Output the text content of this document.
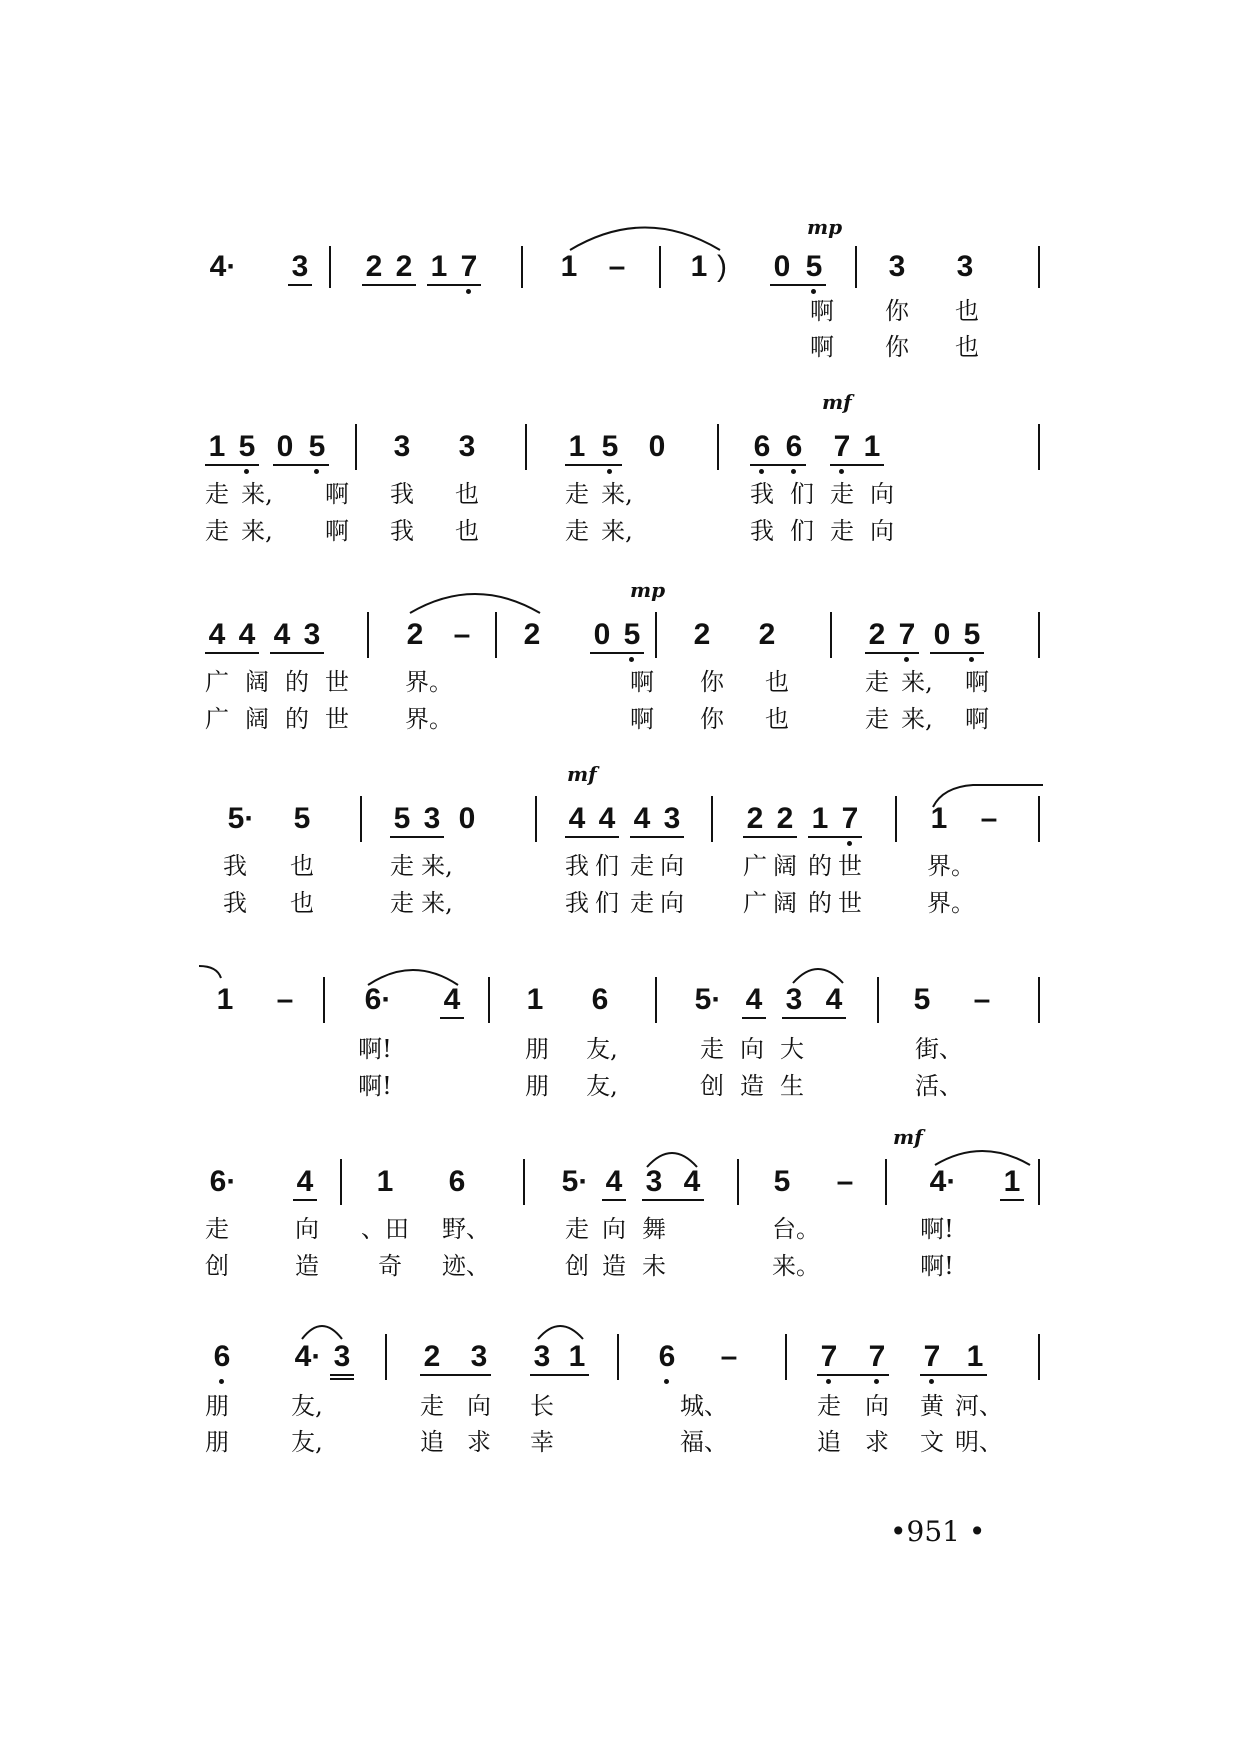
mp
4· 3 2 2 1 7	1 – 1 ) 0 5 3 3
啊	你	也
啊	你	也
mf
1 5 0 5 3 3	1 5 0	6 6 7 1
走 来,	啊	我	也	走 来,	我 们 走 向
走 来,	啊	我	也	走 来,	我 们 走 向
mp
4 4 4 3	2 – 2 0 5 2 2	2 7 0 5
广 阔 的 世	界。	啊	你	也	走 来,	啊
广 阔 的 世	界。	啊	你	也	走 来,	啊
mf
5· 5	5 3 0	4 4 4 3 2 2 1 7 1 –
我	也	走 来,	我 们 走 向	广 阔 的 世	界。
我	也	走 来,	我 们 走 向	广 阔 的 世	界。
1 – 6· 4 1 6	5· 4 3 4 5 –
啊!	朋	友,	走 向 大	街、
啊!	朋	友,	创 造 生	活、
mf
6· 4 1 6	5· 4 3 4 5 –	4· 1
走	向	、田 野、	走 向 舞	台。	啊!
创	造	奇	迹、	创 造 未	来。	啊!
6 4· 3 2 3 3 1 6 –	7 7 7 1
朋	友,	走 向	长	城、	走	向	黄 河、
朋	友,	追 求	幸	福、	追	求	文 明、
•951 •
